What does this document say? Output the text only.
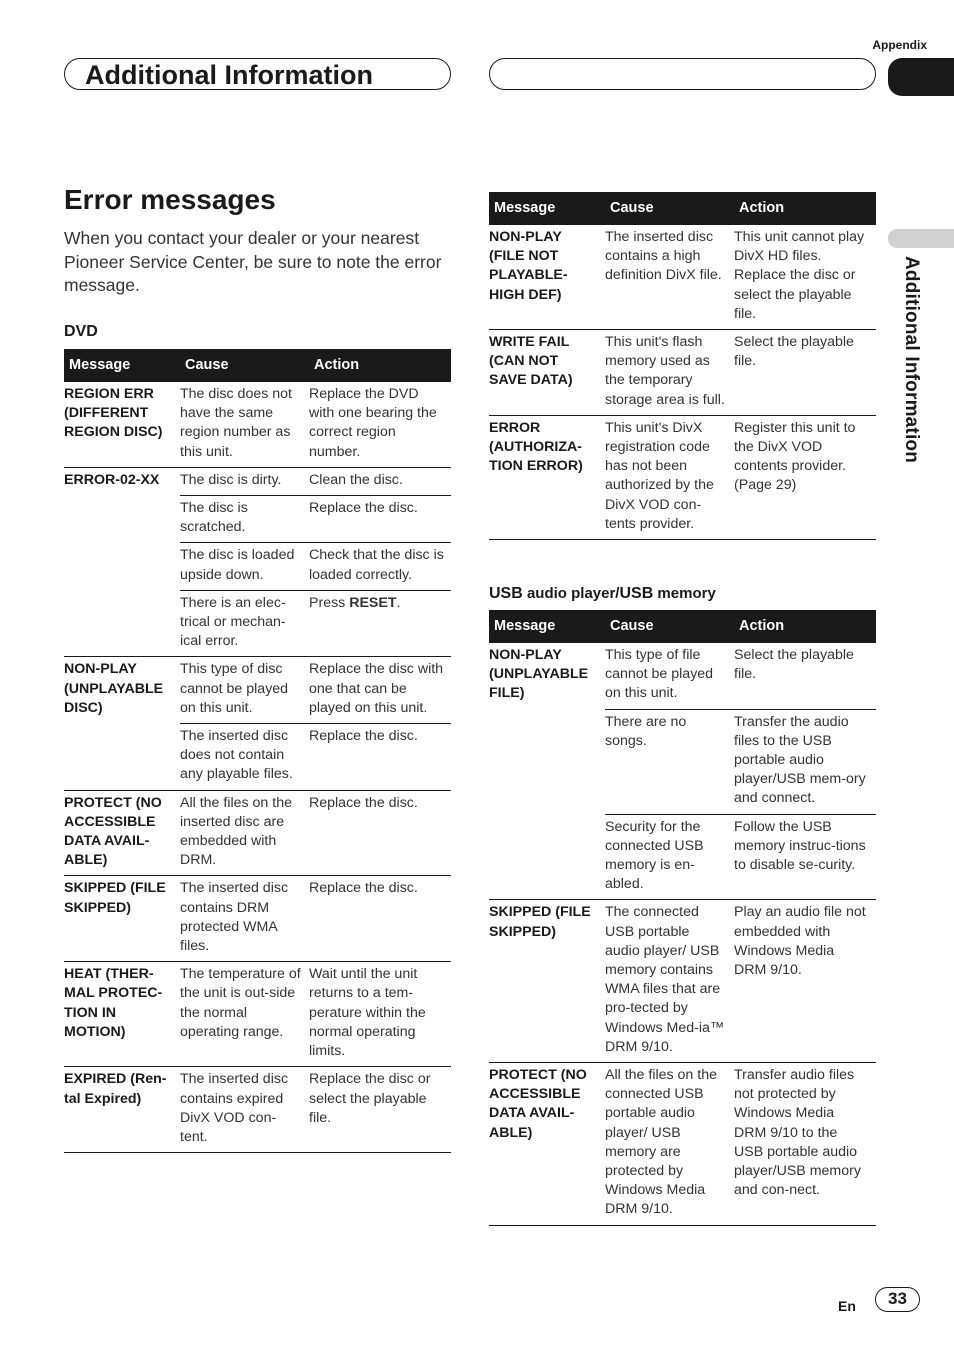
Appendix
Additional Information
Additional Information
Error messages

When you contact your dealer or your nearest Pioneer Service Center, be sure to note the error message.

DVD
Message	Cause	Action
REGION ERR (DIFFERENT REGION DISC)	The disc does not have the same region number as this unit.	Replace the DVD with one bearing the correct region number.
ERROR-02-XX	The disc is dirty.	Clean the disc.
	The disc is scratched.	Replace the disc.
	The disc is loaded upside down.	Check that the disc is loaded correctly.
	There is an elec-trical or mechan-ical error.	Press RESET.
NON-PLAY (UNPLAYABLE DISC)	This type of disc cannot be played on this unit.	Replace the disc with one that can be played on this unit.
	The inserted disc does not contain any playable files.	Replace the disc.
PROTECT (NO ACCESSIBLE DATA AVAIL-ABLE)	All the files on the inserted disc are embedded with DRM.	Replace the disc.
SKIPPED (FILE SKIPPED)	The inserted disc contains DRM protected WMA files.	Replace the disc.
HEAT (THER-MAL PROTEC-TION IN MOTION)	The temperature of the unit is out-side the normal operating range.	Wait until the unit returns to a tem-perature within the normal operating limits.
EXPIRED (Ren-tal Expired)	The inserted disc contains expired DivX VOD con-tent.	Replace the disc or select the playable file.
Message	Cause	Action
NON-PLAY (FILE NOT PLAYABLE-HIGH DEF)	The inserted disc contains a high definition DivX file.	This unit cannot play DivX HD files. Replace the disc or select the playable file.
WRITE FAIL (CAN NOT SAVE DATA)	This unit's flash memory used as the temporary storage area is full.	Select the playable file.
ERROR (AUTHORIZA-TION ERROR)	This unit's DivX registration code has not been authorized by the DivX VOD con-tents provider.	Register this unit to the DivX VOD contents provider. (Page 29)
USB audio player/USB memory
Message	Cause	Action
NON-PLAY (UNPLAYABLE FILE)	This type of file cannot be played on this unit.	Select the playable file.
	There are no songs.	Transfer the audio files to the USB portable audio player/USB mem-ory and connect.
	Security for the connected USB memory is en-abled.	Follow the USB memory instruc-tions to disable se-curity.
SKIPPED (FILE SKIPPED)	The connected USB portable audio player/ USB memory contains WMA files that are pro-tected by Windows Med-ia™ DRM 9/10.	Play an audio file not embedded with Windows Media DRM 9/10.
PROTECT (NO ACCESSIBLE DATA AVAIL-ABLE)	All the files on the connected USB portable audio player/ USB memory are protected by Windows Media DRM 9/10.	Transfer audio files not protected by Windows Media DRM 9/10 to the USB portable audio player/USB memory and con-nect.
En	33
